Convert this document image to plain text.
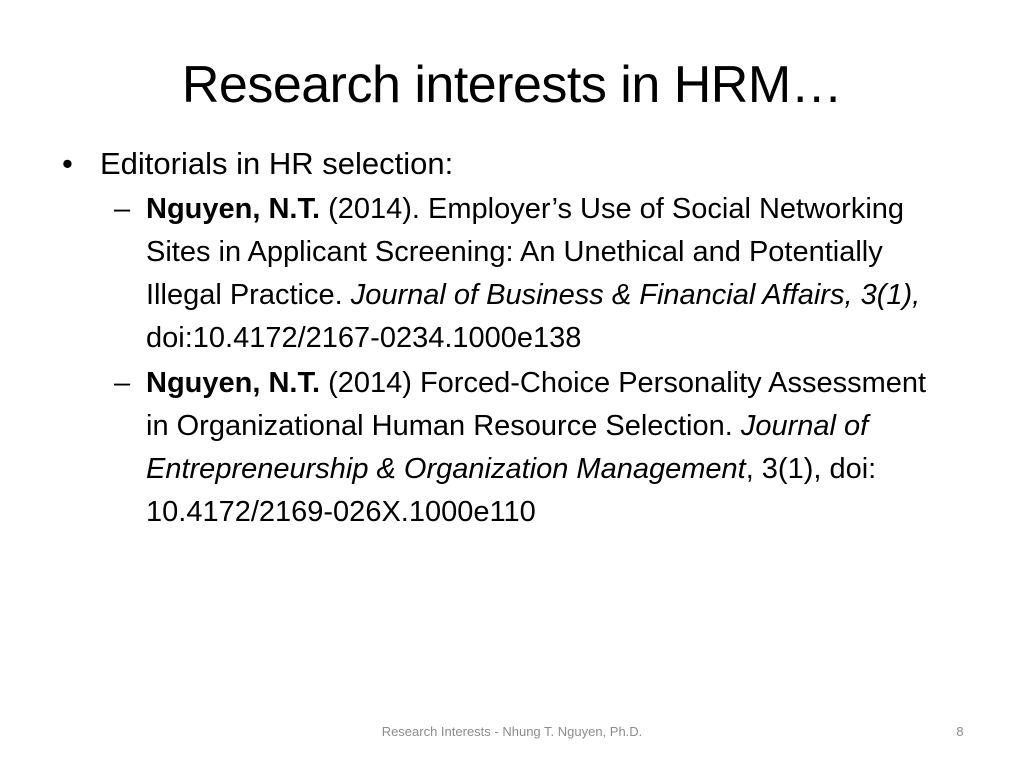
Research interests in HRM…
• Editorials in HR selection:
– Nguyen, N.T. (2014). Employer’s Use of Social Networking Sites in Applicant Screening: An Unethical and Potentially Illegal Practice. Journal of Business & Financial Affairs, 3(1), doi:10.4172/2167-0234.1000e138
– Nguyen, N.T. (2014) Forced-Choice Personality Assessment in Organizational Human Resource Selection. Journal of Entrepreneurship & Organization Management, 3(1), doi: 10.4172/2169-026X.1000e110
Research Interests - Nhung T. Nguyen, Ph.D.	8
